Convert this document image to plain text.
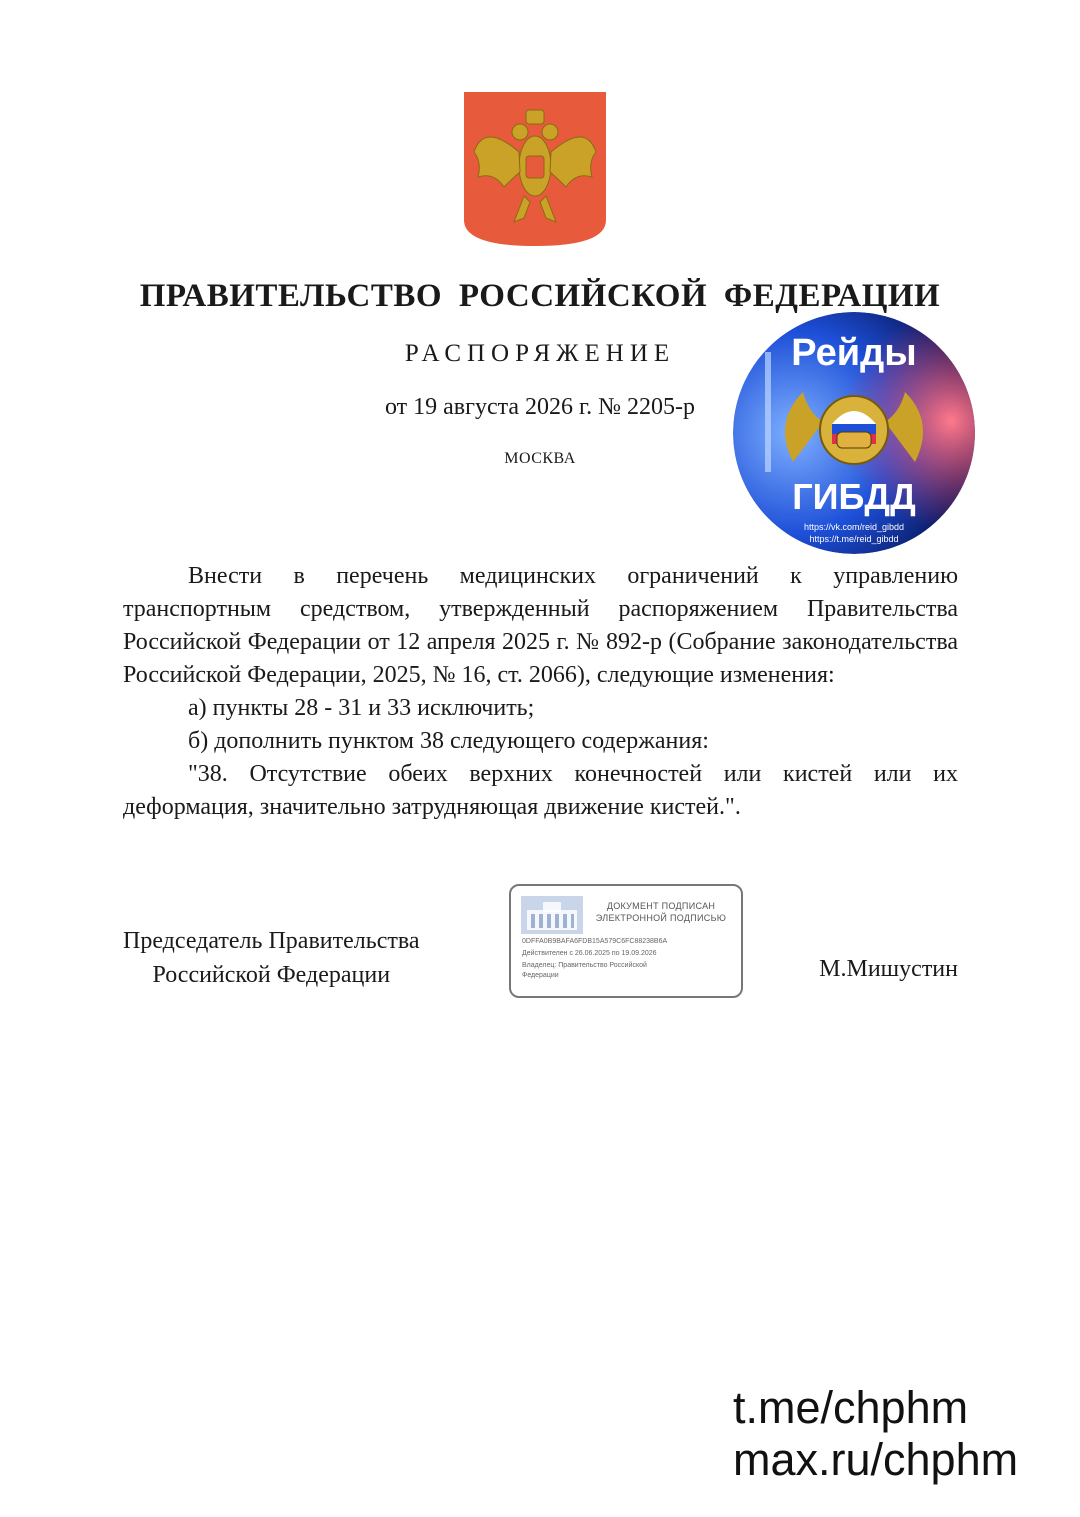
ПРАВИТЕЛЬСТВО РОССИЙСКОЙ ФЕДЕРАЦИИ
РАСПОРЯЖЕНИЕ
от 19 августа 2026 г. № 2205-р
МОСКВА
Рейды
ГИБДД
https://vk.com/reid_gibdd
https://t.me/reid_gibdd

Внести в перечень медицинских ограничений к управлению транспортным средством, утвержденный распоряжением Правительства Российской Федерации от 12 апреля 2025 г. № 892-р (Собрание законодательства Российской Федерации, 2025, № 16, ст. 2066), следующие изменения:

а) пункты 28 - 31 и 33 исключить;

б) дополнить пунктом 38 следующего содержания:

"38. Отсутствие обеих верхних конечностей или кистей или их деформация, значительно затрудняющая движение кистей.".

Председатель Правительства
Российской Федерации
ДОКУМЕНТ ПОДПИСАН
ЭЛЕКТРОННОЙ ПОДПИСЬЮ
0DFFA0B9BAFA6FDB15A579C6FC88238B6A
Действителен с 26.06.2025 по 19.09.2026
Владелец: Правительство Российской
Федерации	М.Мишустин
t.me/chphm
max.ru/chphm
